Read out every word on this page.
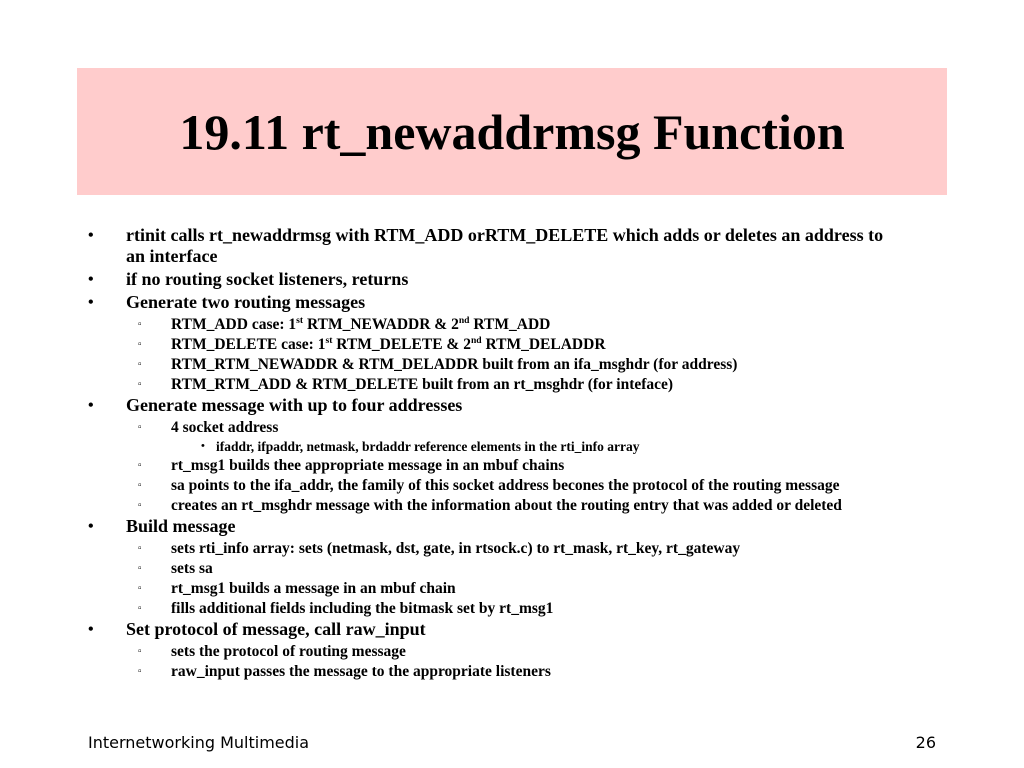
19.11 rt_newaddrmsg Function
• rtinit calls rt_newaddrmsg with RTM_ADD orRTM_DELETE which adds or deletes an address to an interface
• if no routing socket listeners, returns
• Generate two routing messages
▫ RTM_ADD case: 1st RTM_NEWADDR & 2nd RTM_ADD
▫ RTM_DELETE case: 1st RTM_DELETE & 2nd RTM_DELADDR
▫ RTM_RTM_NEWADDR & RTM_DELADDR built from an ifa_msghdr (for address)
▫ RTM_RTM_ADD & RTM_DELETE built from an rt_msghdr (for inteface)
• Generate message with up to four addresses
▫ 4 socket address
• ifaddr, ifpaddr, netmask, brdaddr reference elements in the rti_info array
▫ rt_msg1 builds thee appropriate message in an mbuf chains
▫ sa points to the ifa_addr, the family of this socket address becones the protocol of the routing message
▫ creates an rt_msghdr message with the information about the routing entry that was added or deleted
• Build message
▫ sets rti_info array: sets (netmask, dst, gate, in rtsock.c) to rt_mask, rt_key, rt_gateway
▫ sets sa
▫ rt_msg1 builds a message in an mbuf chain
▫ fills additional fields including the bitmask set by rt_msg1
• Set protocol of message, call raw_input
▫ sets the protocol of routing message
▫ raw_input passes the message to the appropriate listeners
Internetworking Multimedia	26
